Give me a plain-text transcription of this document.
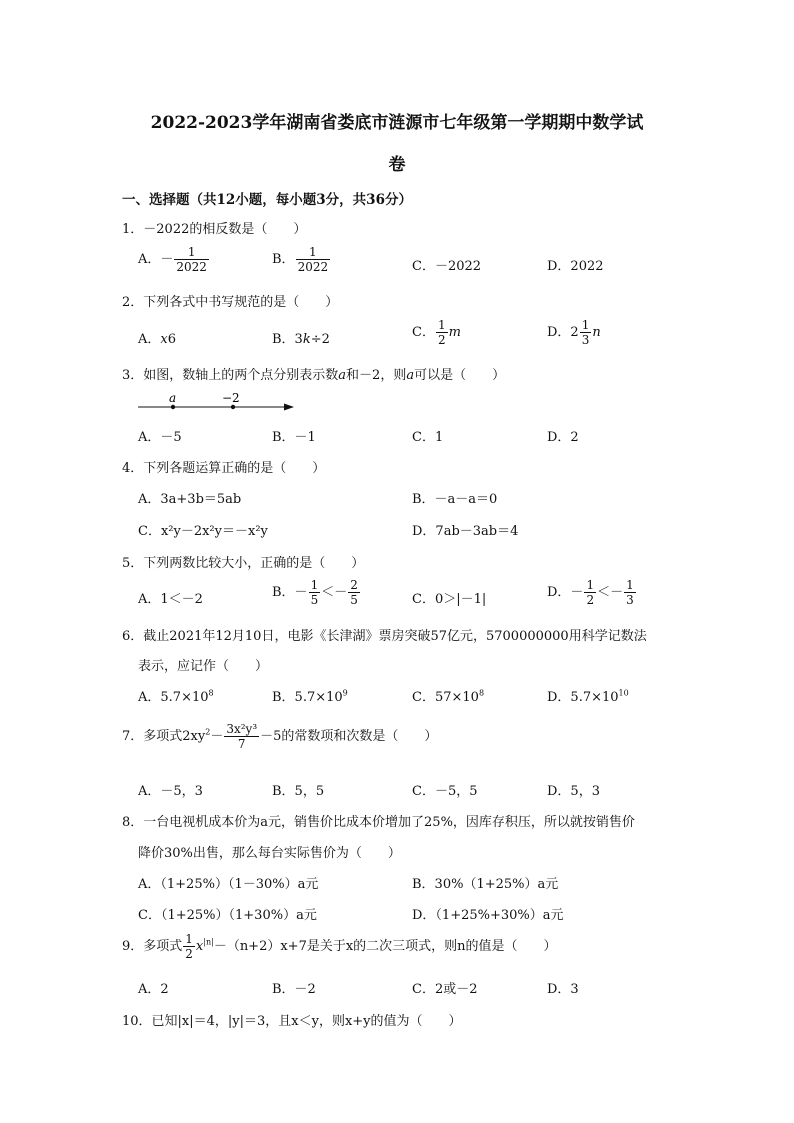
2022-2023学年湖南省娄底市涟源市七年级第一学期期中数学试
卷
一、选择题（共12小题，每小题3分，共36分）
1．－2022的相反数是（　　）
A．－ $\frac{1}{2022}$	B． $\frac{1}{2022}$	C．－2022	D．2022
2．下列各式中书写规范的是（　　）
A．x6	B．3k÷2	C． $\frac{1}{2}$ m	D．$2 \frac{1}{3}$ n
3．如图，数轴上的两个点分别表示数a和－2，则a可以是（　　）
a	−2
A．－5	B．－1	C．1	D．2
4．下列各题运算正确的是（　　）
A．3a+3b＝5ab	B．－a－a＝0
C．x²y－2x²y＝－x²y	D．7ab－3ab＝4
5．下列两数比较大小，正确的是（　　）
A．1＜－2	B．－ $\frac{1}{5} <- \frac{2}{5}$	C．0＞|－1|	D．－ $\frac{1}{2} <- \frac{1}{3}$
6．截止2021年12月10日，电影《长津湖》票房突破57亿元，5700000000用科学记数法
表示，应记作（　　）
A．$5.7\times 10^8$	B．$5.7\times 10^9$	C．$57\times 10^8$	D．$5.7\times 10^{10}$
7．多项式$2xy^2- \frac{\text{3x²y³}}{7} -5$的常数项和次数是（　　）
A．－5，3	B．5，5	C．－5，5	D．5，3
8．一台电视机成本价为a元，销售价比成本价增加了25%，因库存积压，所以就按销售价
降价30%出售，那么每台实际售价为（　　）
A．（1+25%）（1－30%）a元	B．30%（1+25%）a元
C．（1+25%）（1+30%）a元	D．（1+25%+30%）a元
9．多项式 $\frac{1}{2} x^{|n|}-(n+2)x+7$是关于x的二次三项式，则n的值是（　　）
A．2	B．－2	C．2或－2	D．3
10．已知|x|＝4，|y|＝3，且x＜y，则x+y的值为（　　）
